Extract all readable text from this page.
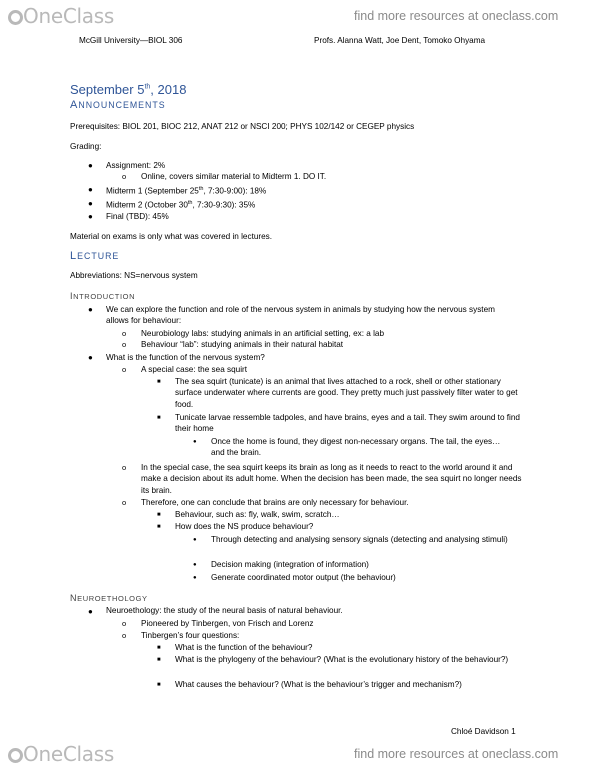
OneClass	find more resources at oneclass.com
McGill University—BIOL 306	Profs. Alanna Watt, Joe Dent, Tomoko Ohyama
September 5th, 2018
ANNOUNCEMENTS
Prerequisites: BIOL 201, BIOC 212, ANAT 212 or NSCI 200; PHYS 102/142 or CEGEP physics
Grading:
● Assignment: 2%
o Online, covers similar material to Midterm 1. DO IT.
● Midterm 1 (September 25th, 7:30-9:00): 18%
● Midterm 2 (October 30th, 7:30-9:30): 35%
● Final (TBD): 45%
Material on exams is only what was covered in lectures.
LECTURE
Abbreviations: NS=nervous system
INTRODUCTION
● We can explore the function and role of the nervous system in animals by studying how the nervous system allows for behaviour:
o Neurobiology labs: studying animals in an artificial setting, ex: a lab
o Behaviour “lab”: studying animals in their natural habitat
● What is the function of the nervous system?
o A special case: the sea squirt
■ The sea squirt (tunicate) is an animal that lives attached to a rock, shell or other stationary surface underwater where currents are good. They pretty much just passively filter water to get food.
■ Tunicate larvae ressemble tadpoles, and have brains, eyes and a tail. They swim around to find their home
● Once the home is found, they digest non-necessary organs. The tail, the eyes… and the brain.
o In the special case, the sea squirt keeps its brain as long as it needs to react to the world around it and make a decision about its adult home. When the decision has been made, the sea squirt no longer needs its brain.
o Therefore, one can conclude that brains are only necessary for behaviour.
■ Behaviour, such as: fly, walk, swim, scratch…
■ How does the NS produce behaviour?
● Through detecting and analysing sensory signals (detecting and analysing stimuli)
● Decision making (integration of information)
● Generate coordinated motor output (the behaviour)
NEUROETHOLOGY
● Neuroethology: the study of the neural basis of natural behaviour.
o Pioneered by Tinbergen, von Frisch and Lorenz
o Tinbergen’s four questions:
■ What is the function of the behaviour?
■ What is the phylogeny of the behaviour? (What is the evolutionary history of the behaviour?)
■ What causes the behaviour? (What is the behaviour’s trigger and mechanism?)
Chloé Davidson 1
OneClass	find more resources at oneclass.com
